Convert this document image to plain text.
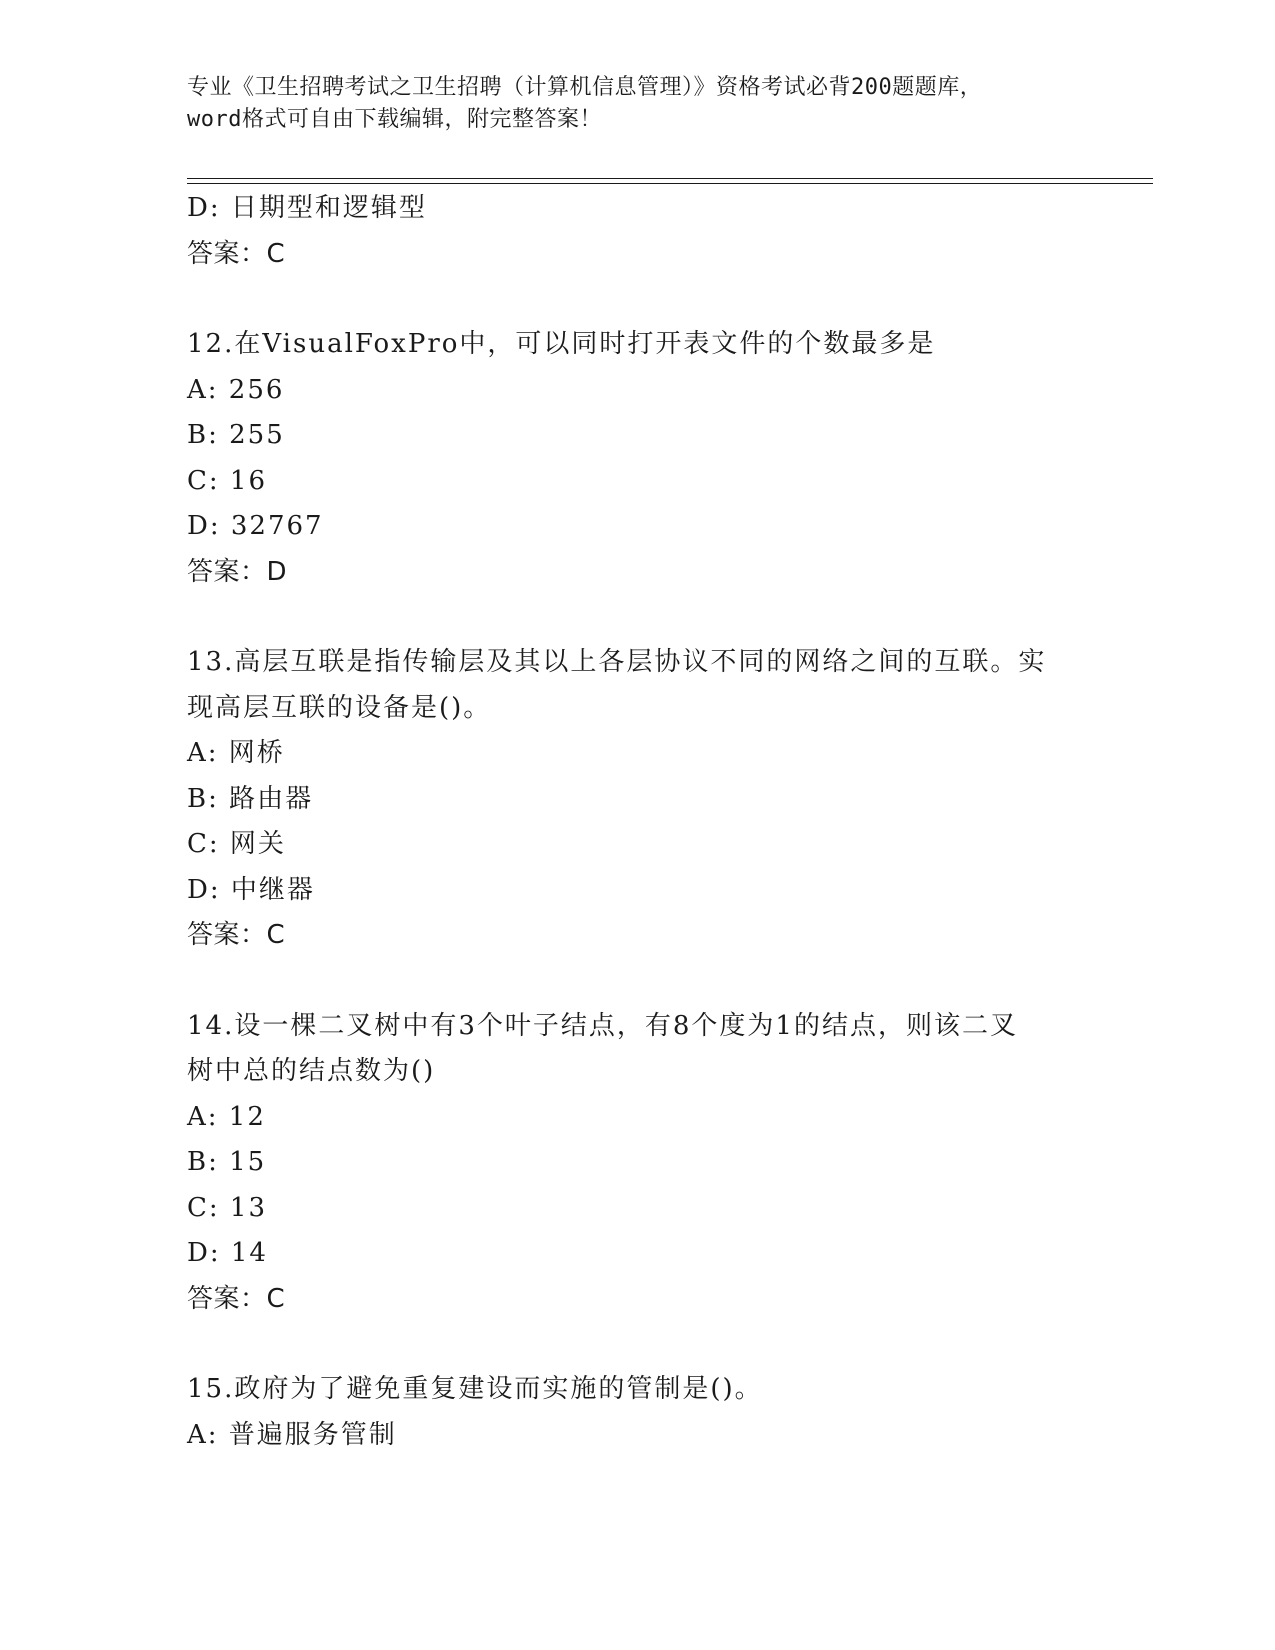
专业《卫生招聘考试之卫生招聘（计算机信息管理）》资格考试必背200题题库，
word格式可自由下载编辑，附完整答案！
D: 日期型和逻辑型
答案：C
12.在VisualFoxPro中，可以同时打开表文件的个数最多是
A: 256
B: 255
C: 16
D: 32767
答案：D
13.高层互联是指传输层及其以上各层协议不同的网络之间的互联。实
现高层互联的设备是()。
A: 网桥
B: 路由器
C: 网关
D: 中继器
答案：C
14.设一棵二叉树中有3个叶子结点，有8个度为1的结点，则该二叉
树中总的结点数为()
A: 12
B: 15
C: 13
D: 14
答案：C
15.政府为了避免重复建设而实施的管制是()。
A: 普遍服务管制
